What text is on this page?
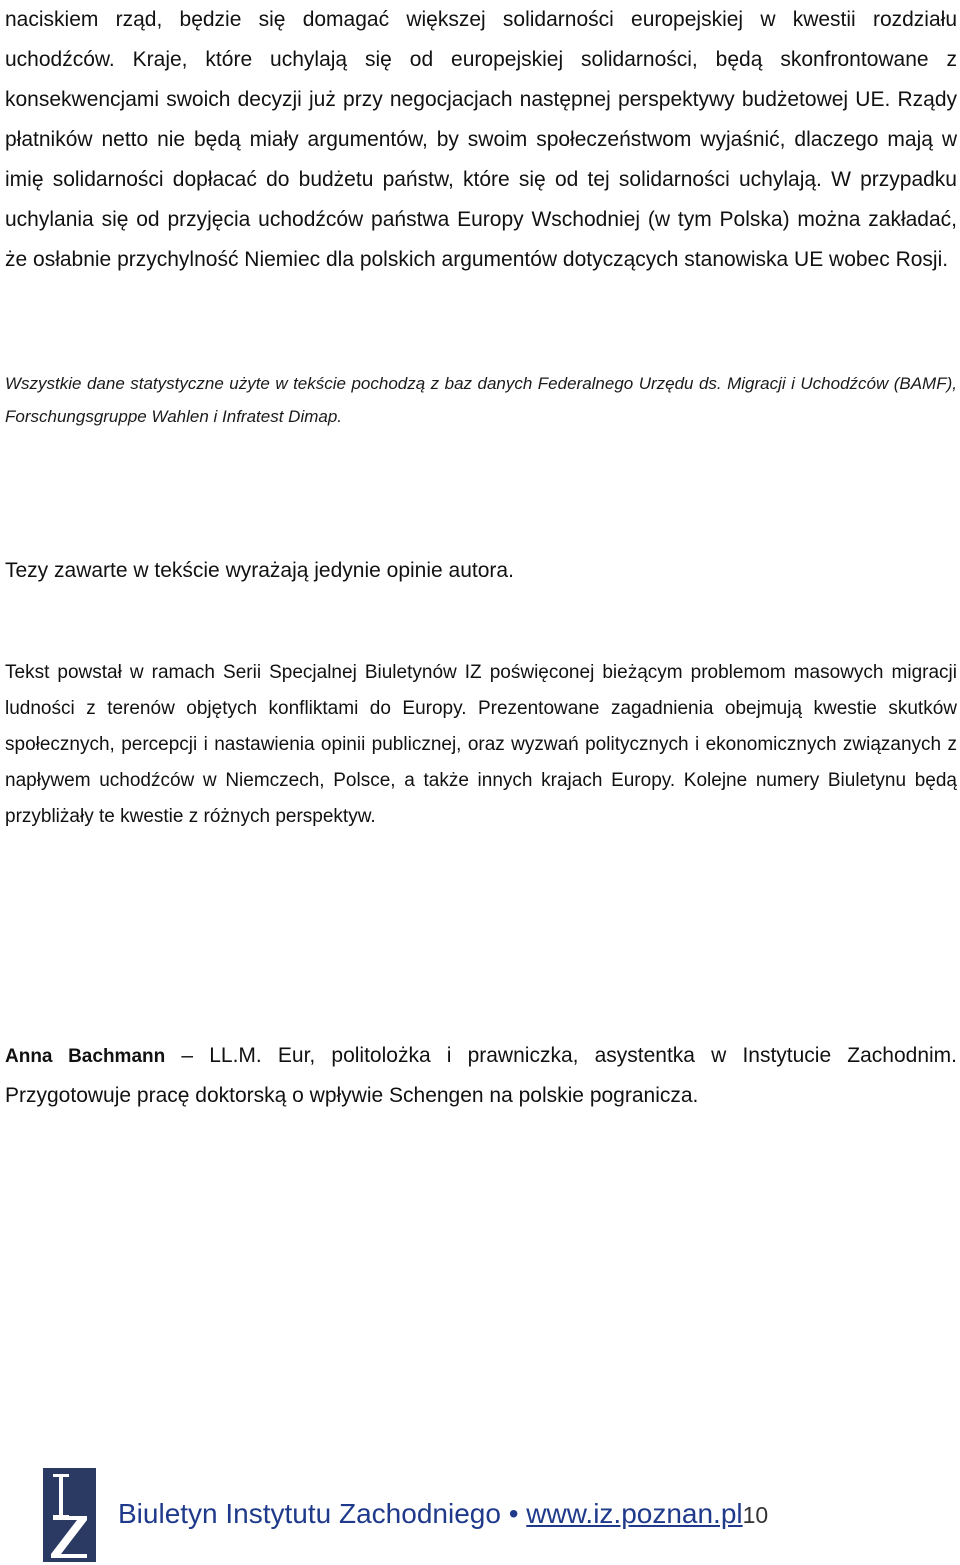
naciskiem rząd, będzie się domagać większej solidarności europejskiej w kwestii rozdziału uchodźców. Kraje, które uchylają się od europejskiej solidarności, będą skonfrontowane z konsekwencjami swoich decyzji już przy negocjacjach następnej perspektywy budżetowej UE. Rządy płatników netto nie będą miały argumentów, by swoim społeczeństwom wyjaśnić, dlaczego mają w imię solidarności dopłacać do budżetu państw, które się od tej solidarności uchylają. W przypadku uchylania się od przyjęcia uchodźców państwa Europy Wschodniej (w tym Polska) można zakładać, że osłabnie przychylność Niemiec dla polskich argumentów dotyczących stanowiska UE wobec Rosji.

Wszystkie dane statystyczne użyte w tekście pochodzą z baz danych Federalnego Urzędu ds. Migracji i Uchodźców (BAMF), Forschungsgruppe Wahlen i Infratest Dimap.

Tezy zawarte w tekście wyrażają jedynie opinie autora.

Tekst powstał w ramach Serii Specjalnej Biuletynów IZ poświęconej bieżącym problemom masowych migracji ludności z terenów objętych konfliktami do Europy. Prezentowane zagadnienia obejmują kwestie skutków społecznych, percepcji i nastawienia opinii publicznej, oraz wyzwań politycznych i ekonomicznych związanych z napływem uchodźców w Niemczech, Polsce, a także innych krajach Europy. Kolejne numery Biuletynu będą przybliżały te kwestie z różnych perspektyw.

Anna Bachmann – LL.M. Eur, politolożka i prawniczka, asystentka w Instytucie Zachodnim. Przygotowuje pracę doktorską o wpływie Schengen na polskie pogranicza.

Biuletyn Instytutu Zachodniego • www.iz.poznan.pl10
